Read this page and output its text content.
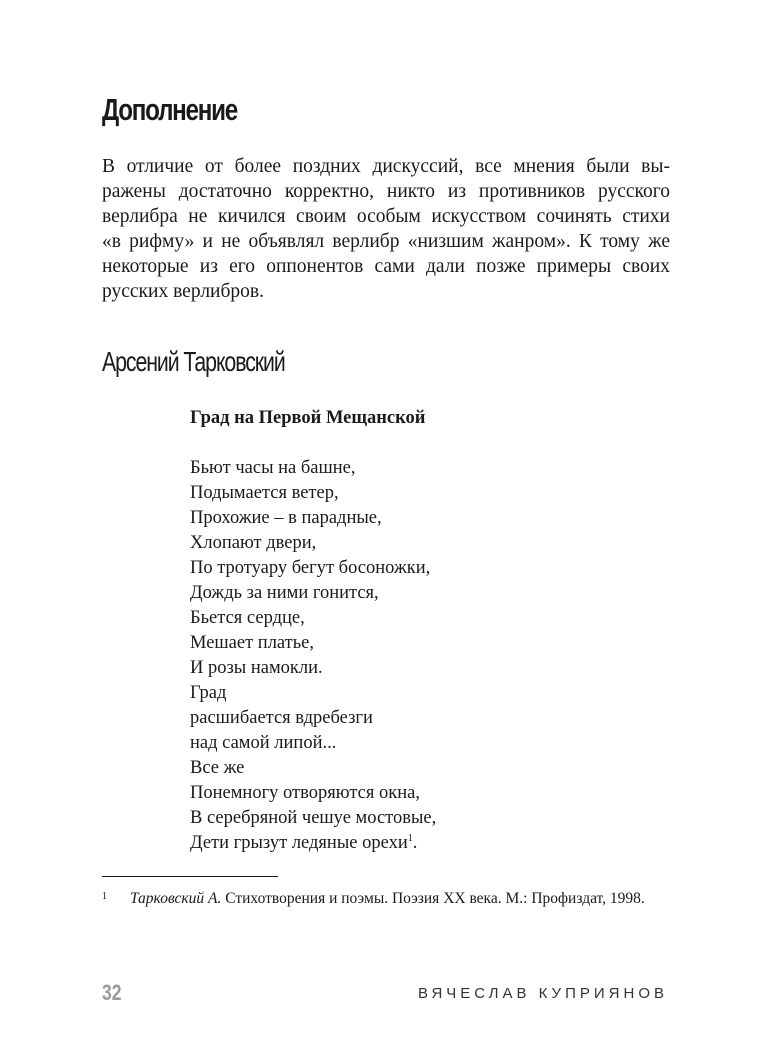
Дополнение

В отличие от более поздних дискуссий, все мнения были вы-
ражены достаточно корректно, никто из противников русского
верлибра не кичился своим особым искусством сочинять стихи
«в рифму» и не объявлял верлибр «низшим жанром». К тому же
некоторые из его оппонентов сами дали позже примеры своих
русских верлибров.

Арсений Тарковский
Град на Первой Мещанской
Бьют часы на башне,
Подымается ветер,
Прохожие – в парадные,
Хлопают двери,
По тротуару бегут босоножки,
Дождь за ними гонится,
Бьется сердце,
Мешает платье,
И розы намокли.
Град
расшибается вдребезги
над самой липой...
Все же
Понемногу отворяются окна,
В серебряной чешуе мостовые,
Дети грызут ледяные орехи$^1$.
1 Тарковский А. Стихотворения и поэмы. Поэзия XX века. М.: Профиздат, 1998.
32	ВЯЧЕСЛАВ КУПРИЯНОВ
